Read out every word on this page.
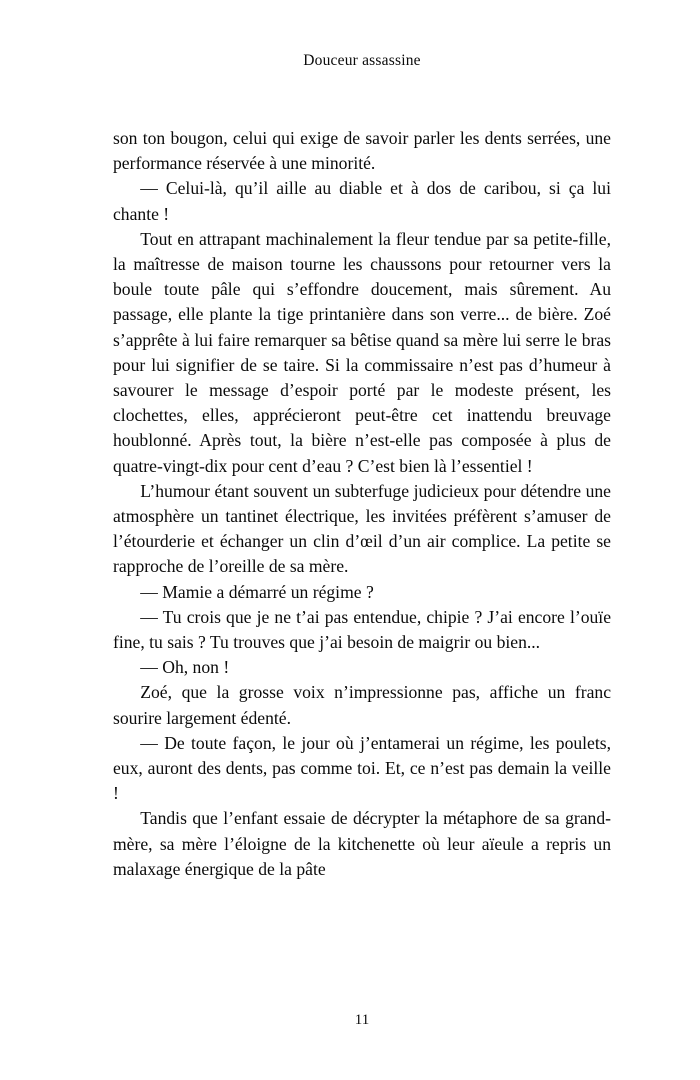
Douceur assassine

son ton bougon, celui qui exige de savoir parler les dents serrées, une performance réservée à une minorité.

— Celui-là, qu’il aille au diable et à dos de caribou, si ça lui chante !

Tout en attrapant machinalement la fleur tendue par sa petite-fille, la maîtresse de maison tourne les chaussons pour retourner vers la boule toute pâle qui s’effondre doucement, mais sûrement. Au passage, elle plante la tige printanière dans son verre... de bière. Zoé s’apprête à lui faire remarquer sa bêtise quand sa mère lui serre le bras pour lui signifier de se taire. Si la commissaire n’est pas d’humeur à savourer le message d’espoir porté par le modeste présent, les clochettes, elles, apprécieront peut-être cet inattendu breuvage houblonné. Après tout, la bière n’est-elle pas composée à plus de quatre-vingt-dix pour cent d’eau ? C’est bien là l’essentiel !

L’humour étant souvent un subterfuge judicieux pour détendre une atmosphère un tantinet électrique, les invitées préfèrent s’amuser de l’étourderie et échanger un clin d’œil d’un air complice. La petite se rapproche de l’oreille de sa mère.

— Mamie a démarré un régime ?

— Tu crois que je ne t’ai pas entendue, chipie ? J’ai encore l’ouïe fine, tu sais ? Tu trouves que j’ai besoin de maigrir ou bien...

— Oh, non !

Zoé, que la grosse voix n’impressionne pas, affiche un franc sourire largement édenté.

— De toute façon, le jour où j’entamerai un régime, les poulets, eux, auront des dents, pas comme toi. Et, ce n’est pas demain la veille !

Tandis que l’enfant essaie de décrypter la métaphore de sa grand-mère, sa mère l’éloigne de la kitchenette où leur aïeule a repris un malaxage énergique de la pâte

11
